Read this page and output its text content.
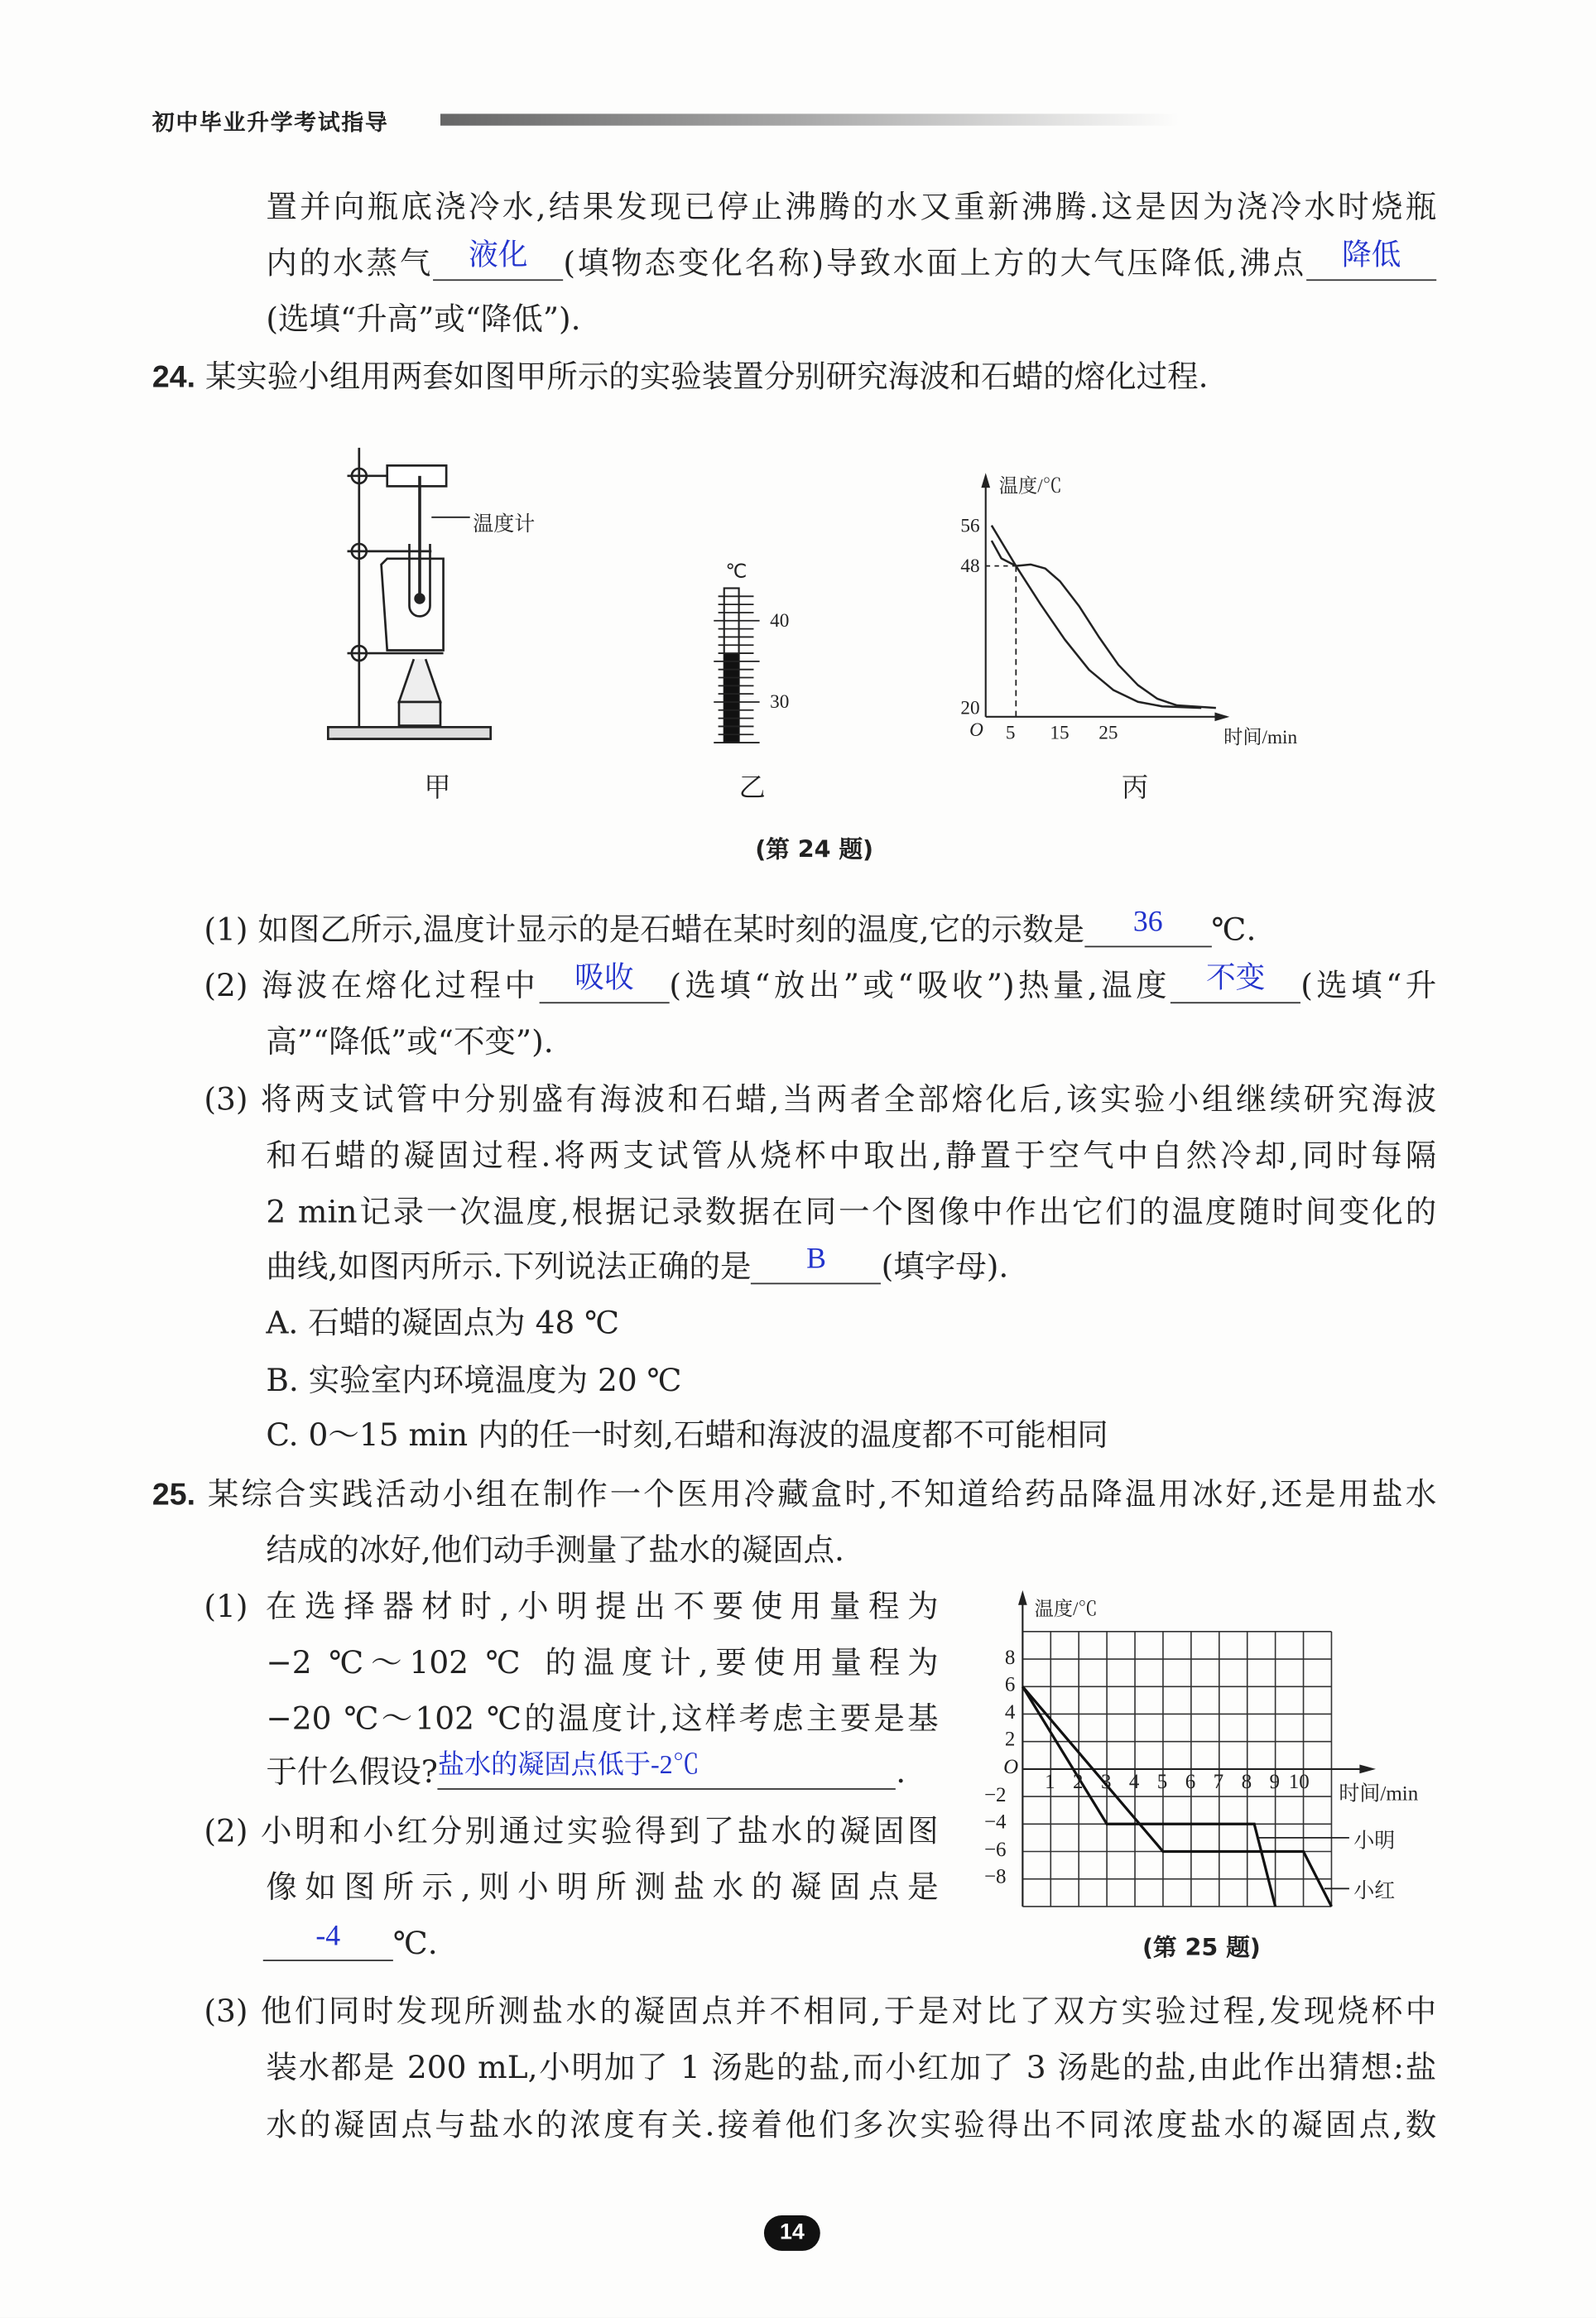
初中毕业升学考试指导
置并向瓶底浇冷水,结果发现已停止沸腾的水又重新沸腾.这是因为浇冷水时烧瓶
内的水蒸气 液化 (填物态变化名称)导致水面上方的大气压降低,沸点 降低
(选填“升高”或“降低”).
24. 某实验小组用两套如图甲所示的实验装置分别研究海波和石蜡的熔化过程.
温度计
℃
40
30
甲	乙	丙
(第 24 题)
温度/℃
56
48
20
O 5	15	25	时间/min
温度/℃
8
6
4
2
−2
−4
−6
−8
O
1 2 3 4 5 6 7 8 9 10
时间/min
小明
小红
(1) 如图乙所示,温度计显示的是石蜡在某时刻的温度,它的示数是	36	℃.
(2) 海波在熔化过程中 吸收 (选填“放出”或“吸收”)热量,温度 不变 (选填“升
高”“降低”或“不变”).
(3) 将两支试管中分别盛有海波和石蜡,当两者全部熔化后,该实验小组继续研究海波
和石蜡的凝固过程.将两支试管从烧杯中取出,静置于空气中自然冷却,同时每隔
2 min记录一次温度,根据记录数据在同一个图像中作出它们的温度随时间变化的
曲线,如图丙所示.下列说法正确的是	B	(填字母).
A. 石蜡的凝固点为 48 ℃
B. 实验室内环境温度为 20 ℃
C. 0～15 min 内的任一时刻,石蜡和海波的温度都不可能相同
25. 某综合实践活动小组在制作一个医用冷藏盒时,不知道给药品降温用冰好,还是用盐水
结成的冰好,他们动手测量了盐水的凝固点.
(1) 在选择器材时,小明提出不要使用量程为
−2 ℃～102 ℃ 的温度计,要使用量程为
−20 ℃～102 ℃的温度计,这样考虑主要是基
于什么假设?盐水的凝固点低于-2℃	.
(2) 小明和小红分别通过实验得到了盐水的凝固图
像如图所示,则小明所测盐水的凝固点是
-4	℃.	(第 25 题)
(3) 他们同时发现所测盐水的凝固点并不相同,于是对比了双方实验过程,发现烧杯中
装水都是 200 mL,小明加了 1 汤匙的盐,而小红加了 3 汤匙的盐,由此作出猜想:盐
水的凝固点与盐水的浓度有关.接着他们多次实验得出不同浓度盐水的凝固点,数
14
